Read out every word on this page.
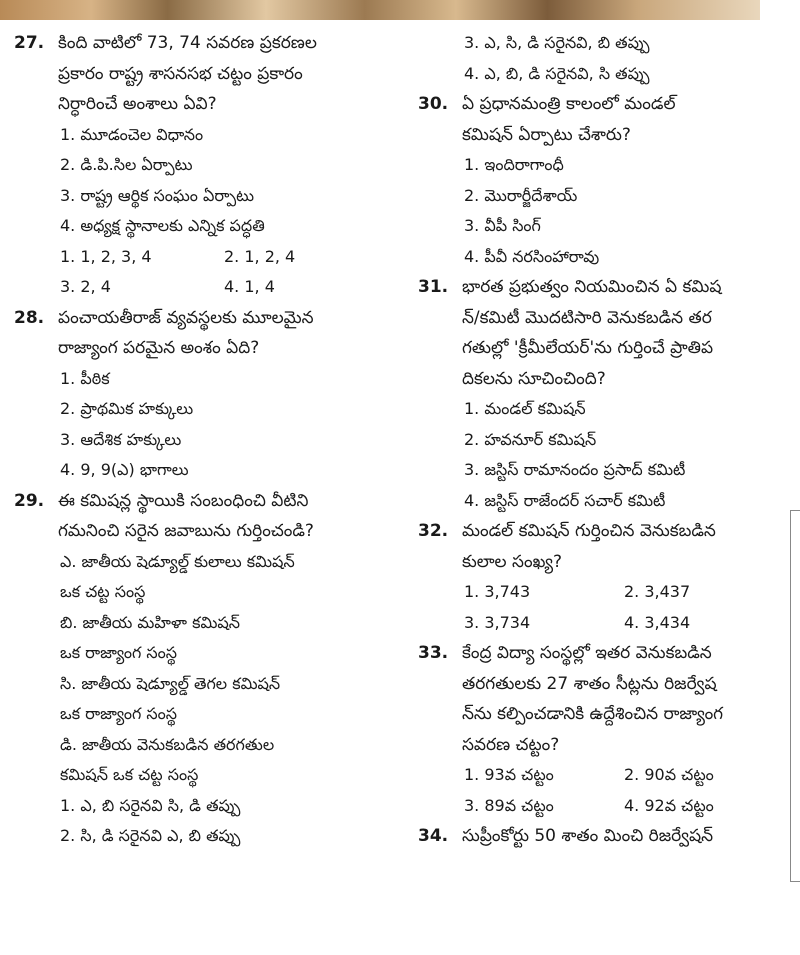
27. కింది వాటిలో 73, 74 సవరణ ప్రకరణల
ప్రకారం రాష్ట్ర శాసనసభ చట్టం ప్రకారం
నిర్ధారించే అంశాలు ఏవి?
1. మూడంచెల విధానం
2. డి.పి.సిల ఏర్పాటు
3. రాష్ట్ర ఆర్థిక సంఘం ఏర్పాటు
4. అధ్యక్ష స్థానాలకు ఎన్నిక పద్ధతి
1. 1, 2, 3, 4	2. 1, 2, 4
3. 2, 4	4. 1, 4
28. పంచాయతీరాజ్ వ్యవస్థలకు మూలమైన
రాజ్యాంగ పరమైన అంశం ఏది?
1. పీఠిక
2. ప్రాథమిక హక్కులు
3. ఆదేశిక హక్కులు
4. 9, 9(ఎ) భాగాలు
29. ఈ కమిషన్ల స్థాయికి సంబంధించి వీటిని
గమనించి సరైన జవాబును గుర్తించండి?
ఎ. జాతీయ షెడ్యూల్డ్ కులాలు కమిషన్
ఒక చట్ట సంస్థ
బి. జాతీయ మహిళా కమిషన్
ఒక రాజ్యాంగ సంస్థ
సి. జాతీయ షెడ్యూల్డ్ తెగల కమిషన్
ఒక రాజ్యాంగ సంస్థ
డి. జాతీయ వెనుకబడిన తరగతుల
కమిషన్ ఒక చట్ట సంస్థ
1. ఎ, బి సరైనవి సి, డి తప్పు
2. సి, డి సరైనవి ఎ, బి తప్పు
3. ఎ, సి, డి సరైనవి, బి తప్పు
4. ఎ, బి, డి సరైనవి, సి తప్పు
30. ఏ ప్రధానమంత్రి కాలంలో మండల్
కమిషన్ ఏర్పాటు చేశారు?
1. ఇందిరాగాంధీ
2. మొరార్జీదేశాయ్
3. వీపీ సింగ్
4. పీవీ నరసింహారావు
31. భారత ప్రభుత్వం నియమించిన ఏ కమిష
న్/కమిటీ మొదటిసారి వెనుకబడిన తర
గతుల్లో 'క్రీమీలేయర్'ను గుర్తించే ప్రాతిప
దికలను సూచించింది?
1. మండల్ కమిషన్
2. హవనూర్ కమిషన్
3. జస్టిస్ రామానందం ప్రసాద్ కమిటీ
4. జస్టిస్ రాజేందర్ సచార్ కమిటీ
32. మండల్ కమిషన్ గుర్తించిన వెనుకబడిన
కులాల సంఖ్య?
1. 3,743	2. 3,437
3. 3,734	4. 3,434
33. కేంద్ర విద్యా సంస్థల్లో ఇతర వెనుకబడిన
తరగతులకు 27 శాతం సీట్లను రిజర్వేష
న్‌ను కల్పించడానికి ఉద్దేశించిన రాజ్యాంగ
సవరణ చట్టం?
1. 93వ చట్టం	2. 90వ చట్టం
3. 89వ చట్టం	4. 92వ చట్టం
34. సుప్రీంకోర్టు 50 శాతం మించి రిజర్వేషన్
